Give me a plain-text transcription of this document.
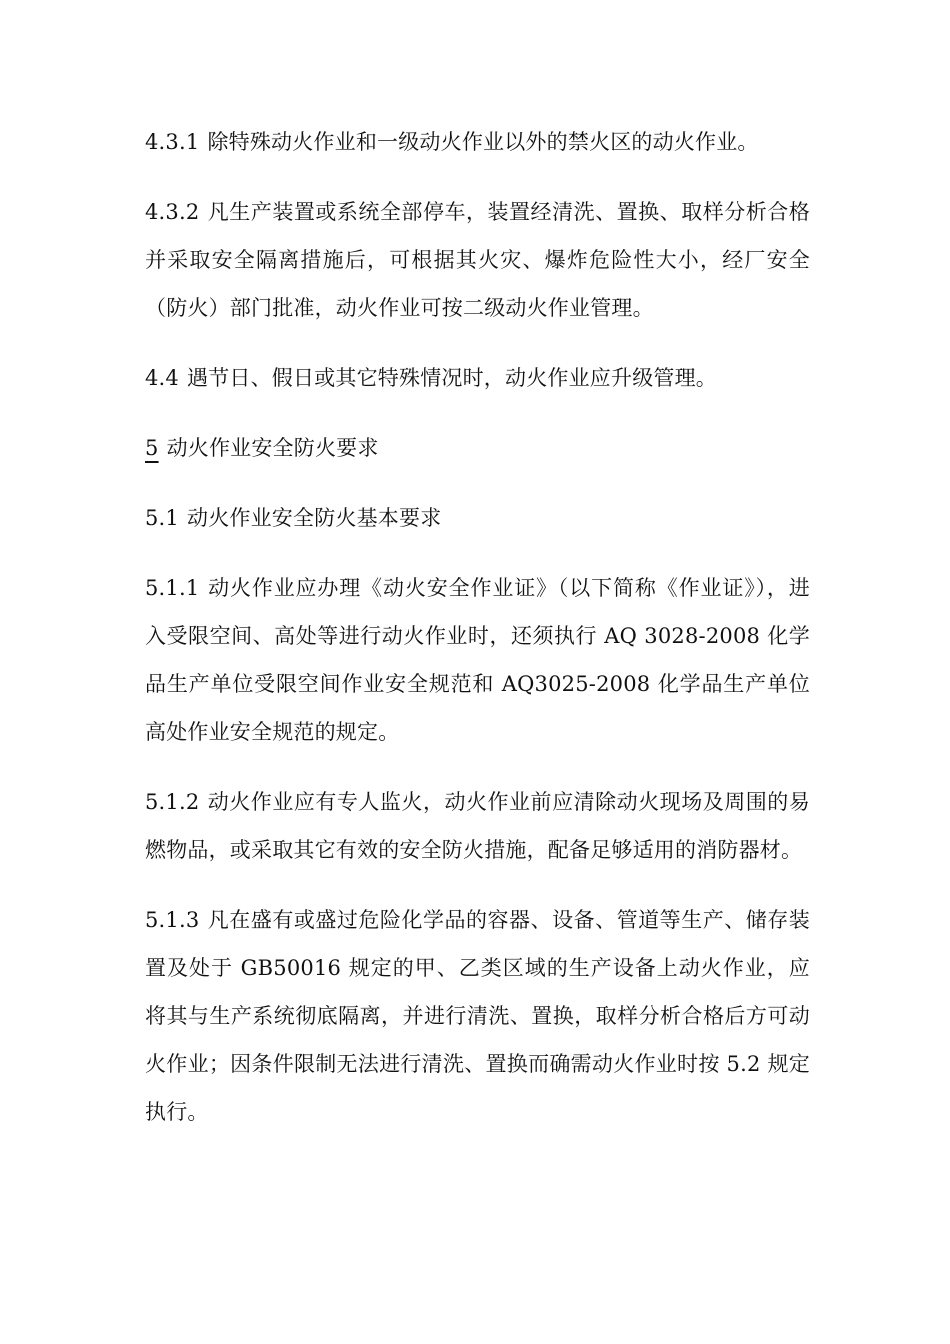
4.3.1 除特殊动火作业和一级动火作业以外的禁火区的动火作业。

4.3.2 凡生产装置或系统全部停车，装置经清洗、置换、取样分析合格并采取安全隔离措施后，可根据其火灾、爆炸危险性大小，经厂安全（防火）部门批准，动火作业可按二级动火作业管理。

4.4 遇节日、假日或其它特殊情况时，动火作业应升级管理。

5 动火作业安全防火要求

5.1 动火作业安全防火基本要求

5.1.1 动火作业应办理《动火安全作业证》（以下简称《作业证》），进入受限空间、高处等进行动火作业时，还须执行 AQ 3028-2008 化学品生产单位受限空间作业安全规范和 AQ3025-2008 化学品生产单位高处作业安全规范的规定。

5.1.2 动火作业应有专人监火，动火作业前应清除动火现场及周围的易燃物品，或采取其它有效的安全防火措施，配备足够适用的消防器材。

5.1.3 凡在盛有或盛过危险化学品的容器、设备、管道等生产、储存装置及处于 GB50016 规定的甲、乙类区域的生产设备上动火作业，应将其与生产系统彻底隔离，并进行清洗、置换，取样分析合格后方可动火作业；因条件限制无法进行清洗、置换而确需动火作业时按 5.2 规定执行。
